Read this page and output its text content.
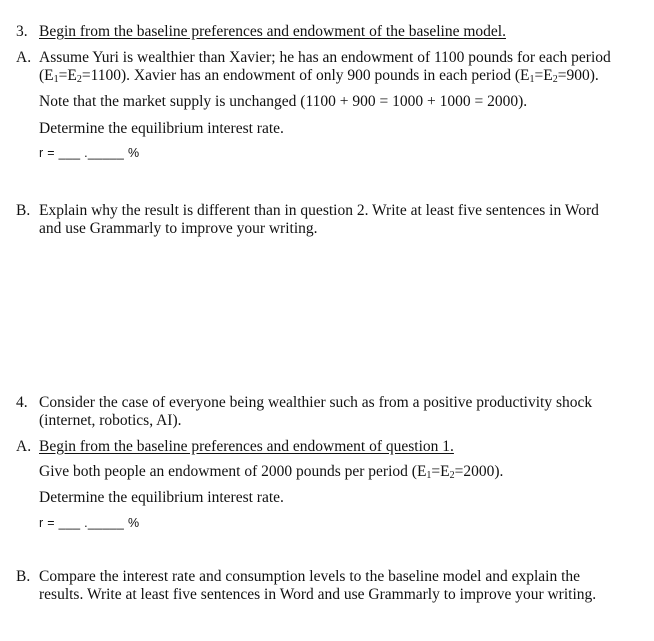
3. Begin from the baseline preferences and endowment of the baseline model.
A. Assume Yuri is wealthier than Xavier; he has an endowment of 1100 pounds for each period
$(E_1=E_2=1100)$. Xavier has an endowment of only 900 pounds in each period $(E_1=E_2=900)$.
Note that the market supply is unchanged (1100 + 900 = 1000 + 1000 = 2000).
Determine the equilibrium interest rate.
r = ___ ._____ %
B. Explain why the result is different than in question 2. Write at least five sentences in Word
and use Grammarly to improve your writing.
4. Consider the case of everyone being wealthier such as from a positive productivity shock
(internet, robotics, AI).
A. Begin from the baseline preferences and endowment of question 1.
Give both people an endowment of 2000 pounds per period $(E_1=E_2=2000)$.
Determine the equilibrium interest rate.
r = ___ ._____ %
B. Compare the interest rate and consumption levels to the baseline model and explain the
results. Write at least five sentences in Word and use Grammarly to improve your writing.
